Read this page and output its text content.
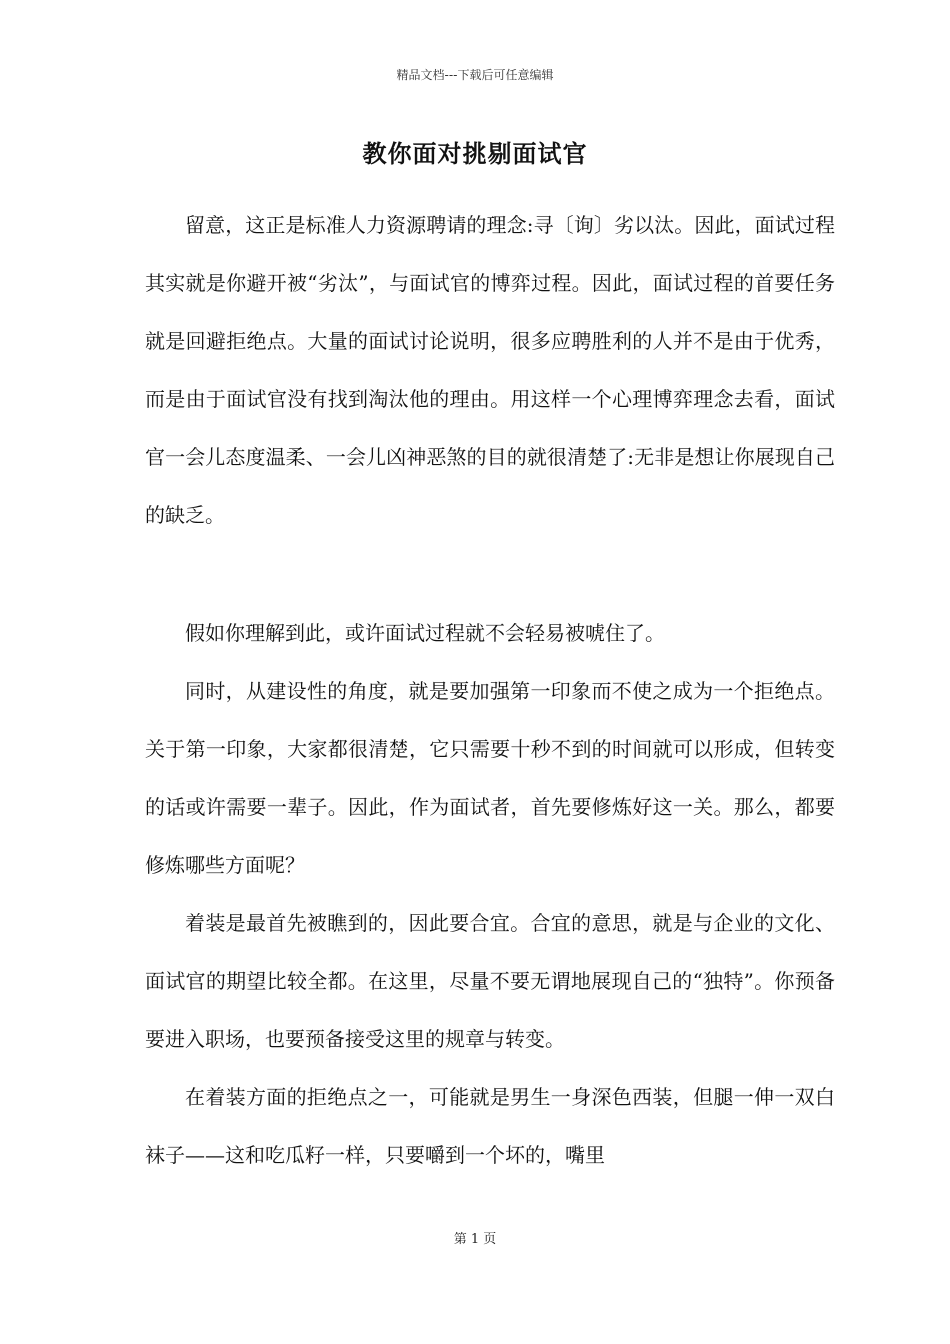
精品文档---下载后可任意编辑
教你面对挑剔面试官

留意，这正是标准人力资源聘请的理念:寻〔询〕劣以汰。因此，面试过程其实就是你避开被“劣汰”，与面试官的博弈过程。因此，面试过程的首要任务就是回避拒绝点。大量的面试讨论说明，很多应聘胜利的人并不是由于优秀，而是由于面试官没有找到淘汰他的理由。用这样一个心理博弈理念去看，面试官一会儿态度温柔、一会儿凶神恶煞的目的就很清楚了:无非是想让你展现自己的缺乏。

假如你理解到此，或许面试过程就不会轻易被唬住了。

同时，从建设性的角度，就是要加强第一印象而不使之成为一个拒绝点。关于第一印象，大家都很清楚，它只需要十秒不到的时间就可以形成，但转变的话或许需要一辈子。因此，作为面试者，首先要修炼好这一关。那么，都要修炼哪些方面呢？

着装是最首先被瞧到的，因此要合宜。合宜的意思，就是与企业的文化、面试官的期望比较全都。在这里，尽量不要无谓地展现自己的“独特”。你预备要进入职场，也要预备接受这里的规章与转变。

在着装方面的拒绝点之一，可能就是男生一身深色西装，但腿一伸一双白袜子——这和吃瓜籽一样，只要嚼到一个坏的，嘴里

第 1 页
